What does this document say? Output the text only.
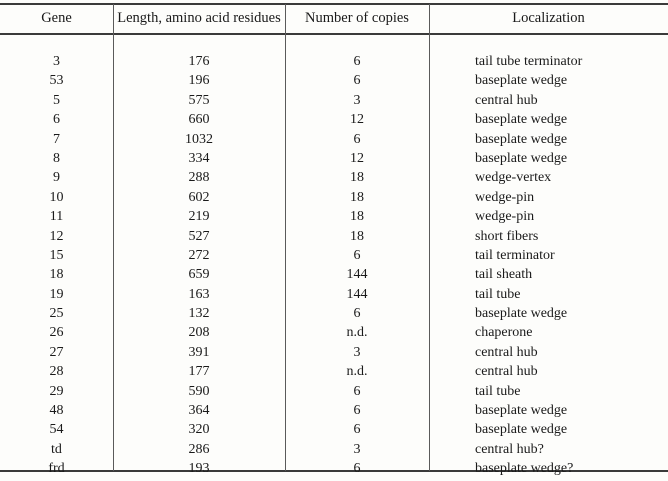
Gene	Length, amino acid residues	Number of copies	Localization
3	176	6	tail tube terminator
53	196	6	baseplate wedge
5	575	3	central hub
6	660	12	baseplate wedge
7	1032	6	baseplate wedge
8	334	12	baseplate wedge
9	288	18	wedge-vertex
10	602	18	wedge-pin
11	219	18	wedge-pin
12	527	18	short fibers
15	272	6	tail terminator
18	659	144	tail sheath
19	163	144	tail tube
25	132	6	baseplate wedge
26	208	n.d.	chaperone
27	391	3	central hub
28	177	n.d.	central hub
29	590	6	tail tube
48	364	6	baseplate wedge
54	320	6	baseplate wedge
td	286	3	central hub?
frd	193	6	baseplate wedge?
